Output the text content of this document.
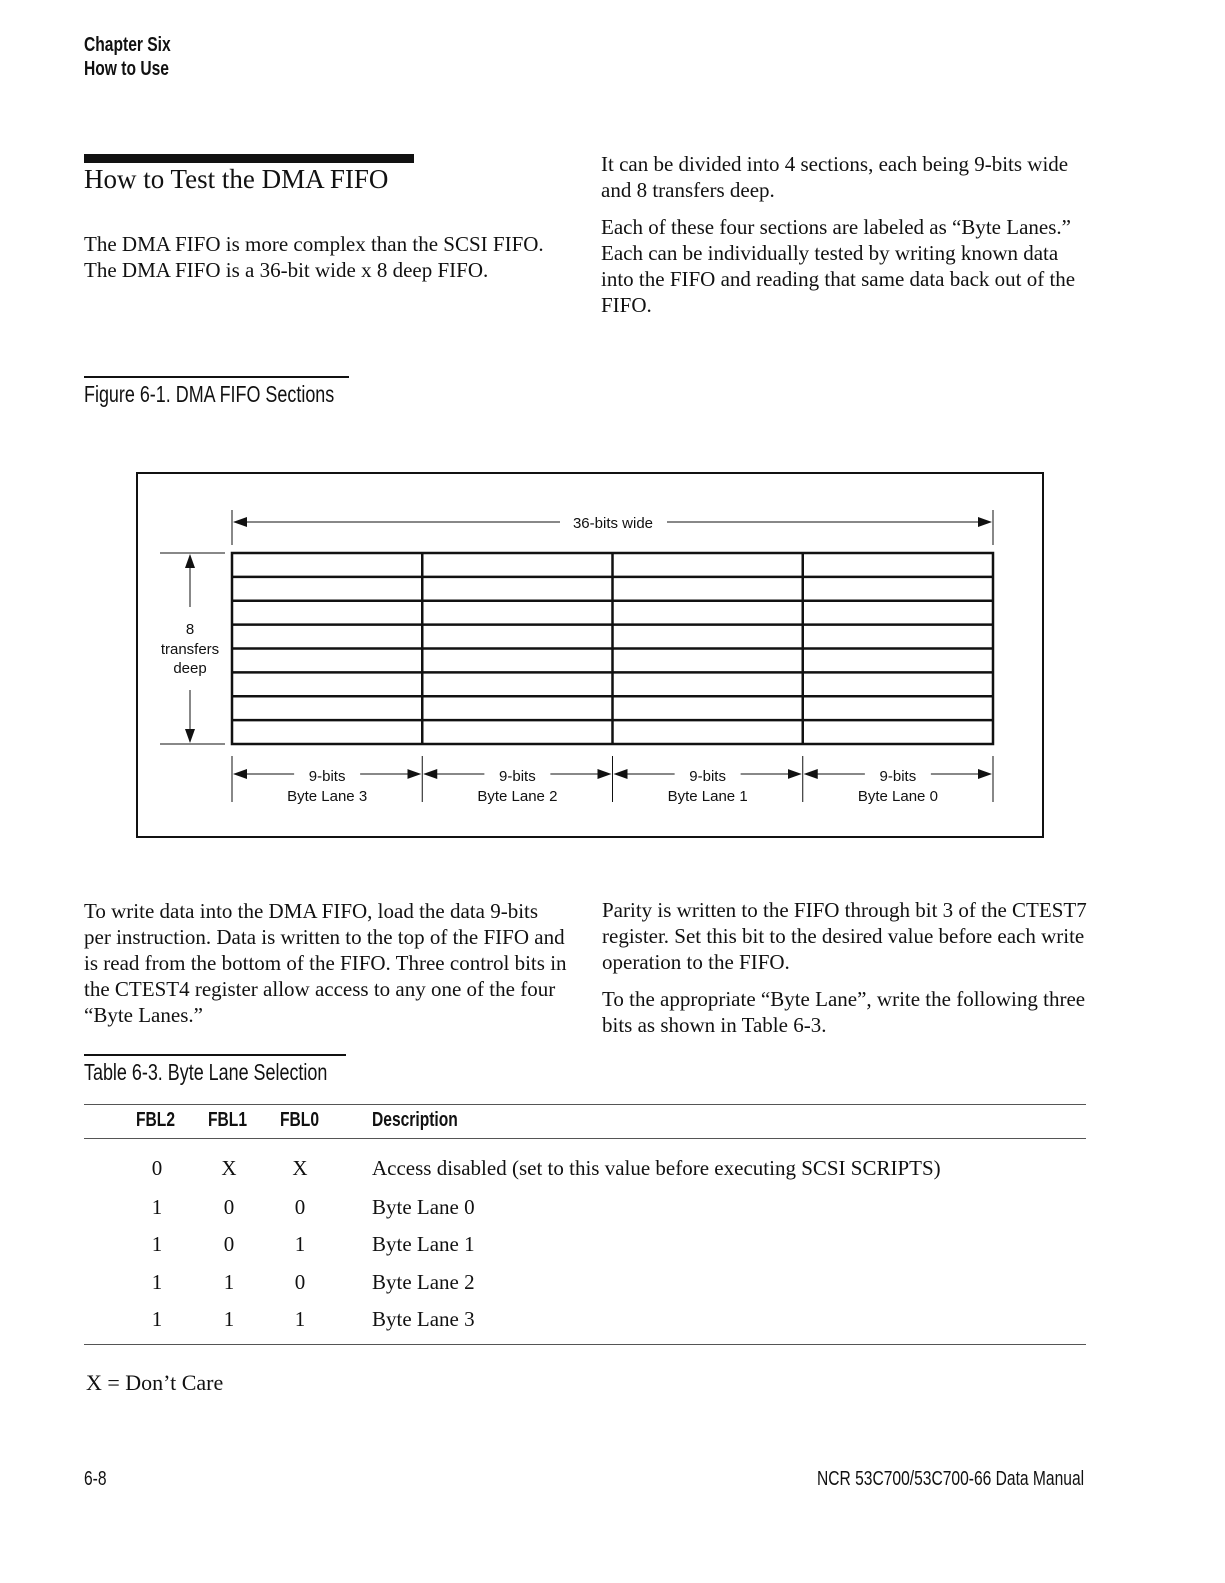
Chapter Six
How to Use
How to Test the DMA FIFO

The DMA FIFO is more complex than the SCSI FIFO. The DMA FIFO is a 36-bit wide x 8 deep FIFO.

It can be divided into 4 sections, each being 9-bits wide and 8 transfers deep.

Each of these four sections are labeled as “Byte Lanes.” Each can be individually tested by writing known data into the FIFO and reading that same data back out of the FIFO.

Figure 6-1. DMA FIFO Sections
36-bits wide
8
transfers
deep
9-bits
Byte Lane 3
9-bits
Byte Lane 2
9-bits
Byte Lane 1
9-bits
Byte Lane 0

To write data into the DMA FIFO, load the data 9-bits per instruction. Data is written to the top of the FIFO and is read from the bottom of the FIFO. Three control bits in the CTEST4 register allow access to any one of the four “Byte Lanes.”

Parity is written to the FIFO through bit 3 of the CTEST7 register. Set this bit to the desired value before each write operation to the FIFO.

To the appropriate “Byte Lane”, write the following three bits as shown in Table 6-3.

Table 6-3. Byte Lane Selection
FBL2 FBL1 FBL0	Description
0	X	X	Access disabled (set to this value before executing SCSI SCRIPTS)
1	0	0	Byte Lane 0
1	0	1	Byte Lane 1
1	1	0	Byte Lane 2
1	1	1	Byte Lane 3
X = Don’t Care
6-8	NCR 53C700/53C700-66 Data Manual
